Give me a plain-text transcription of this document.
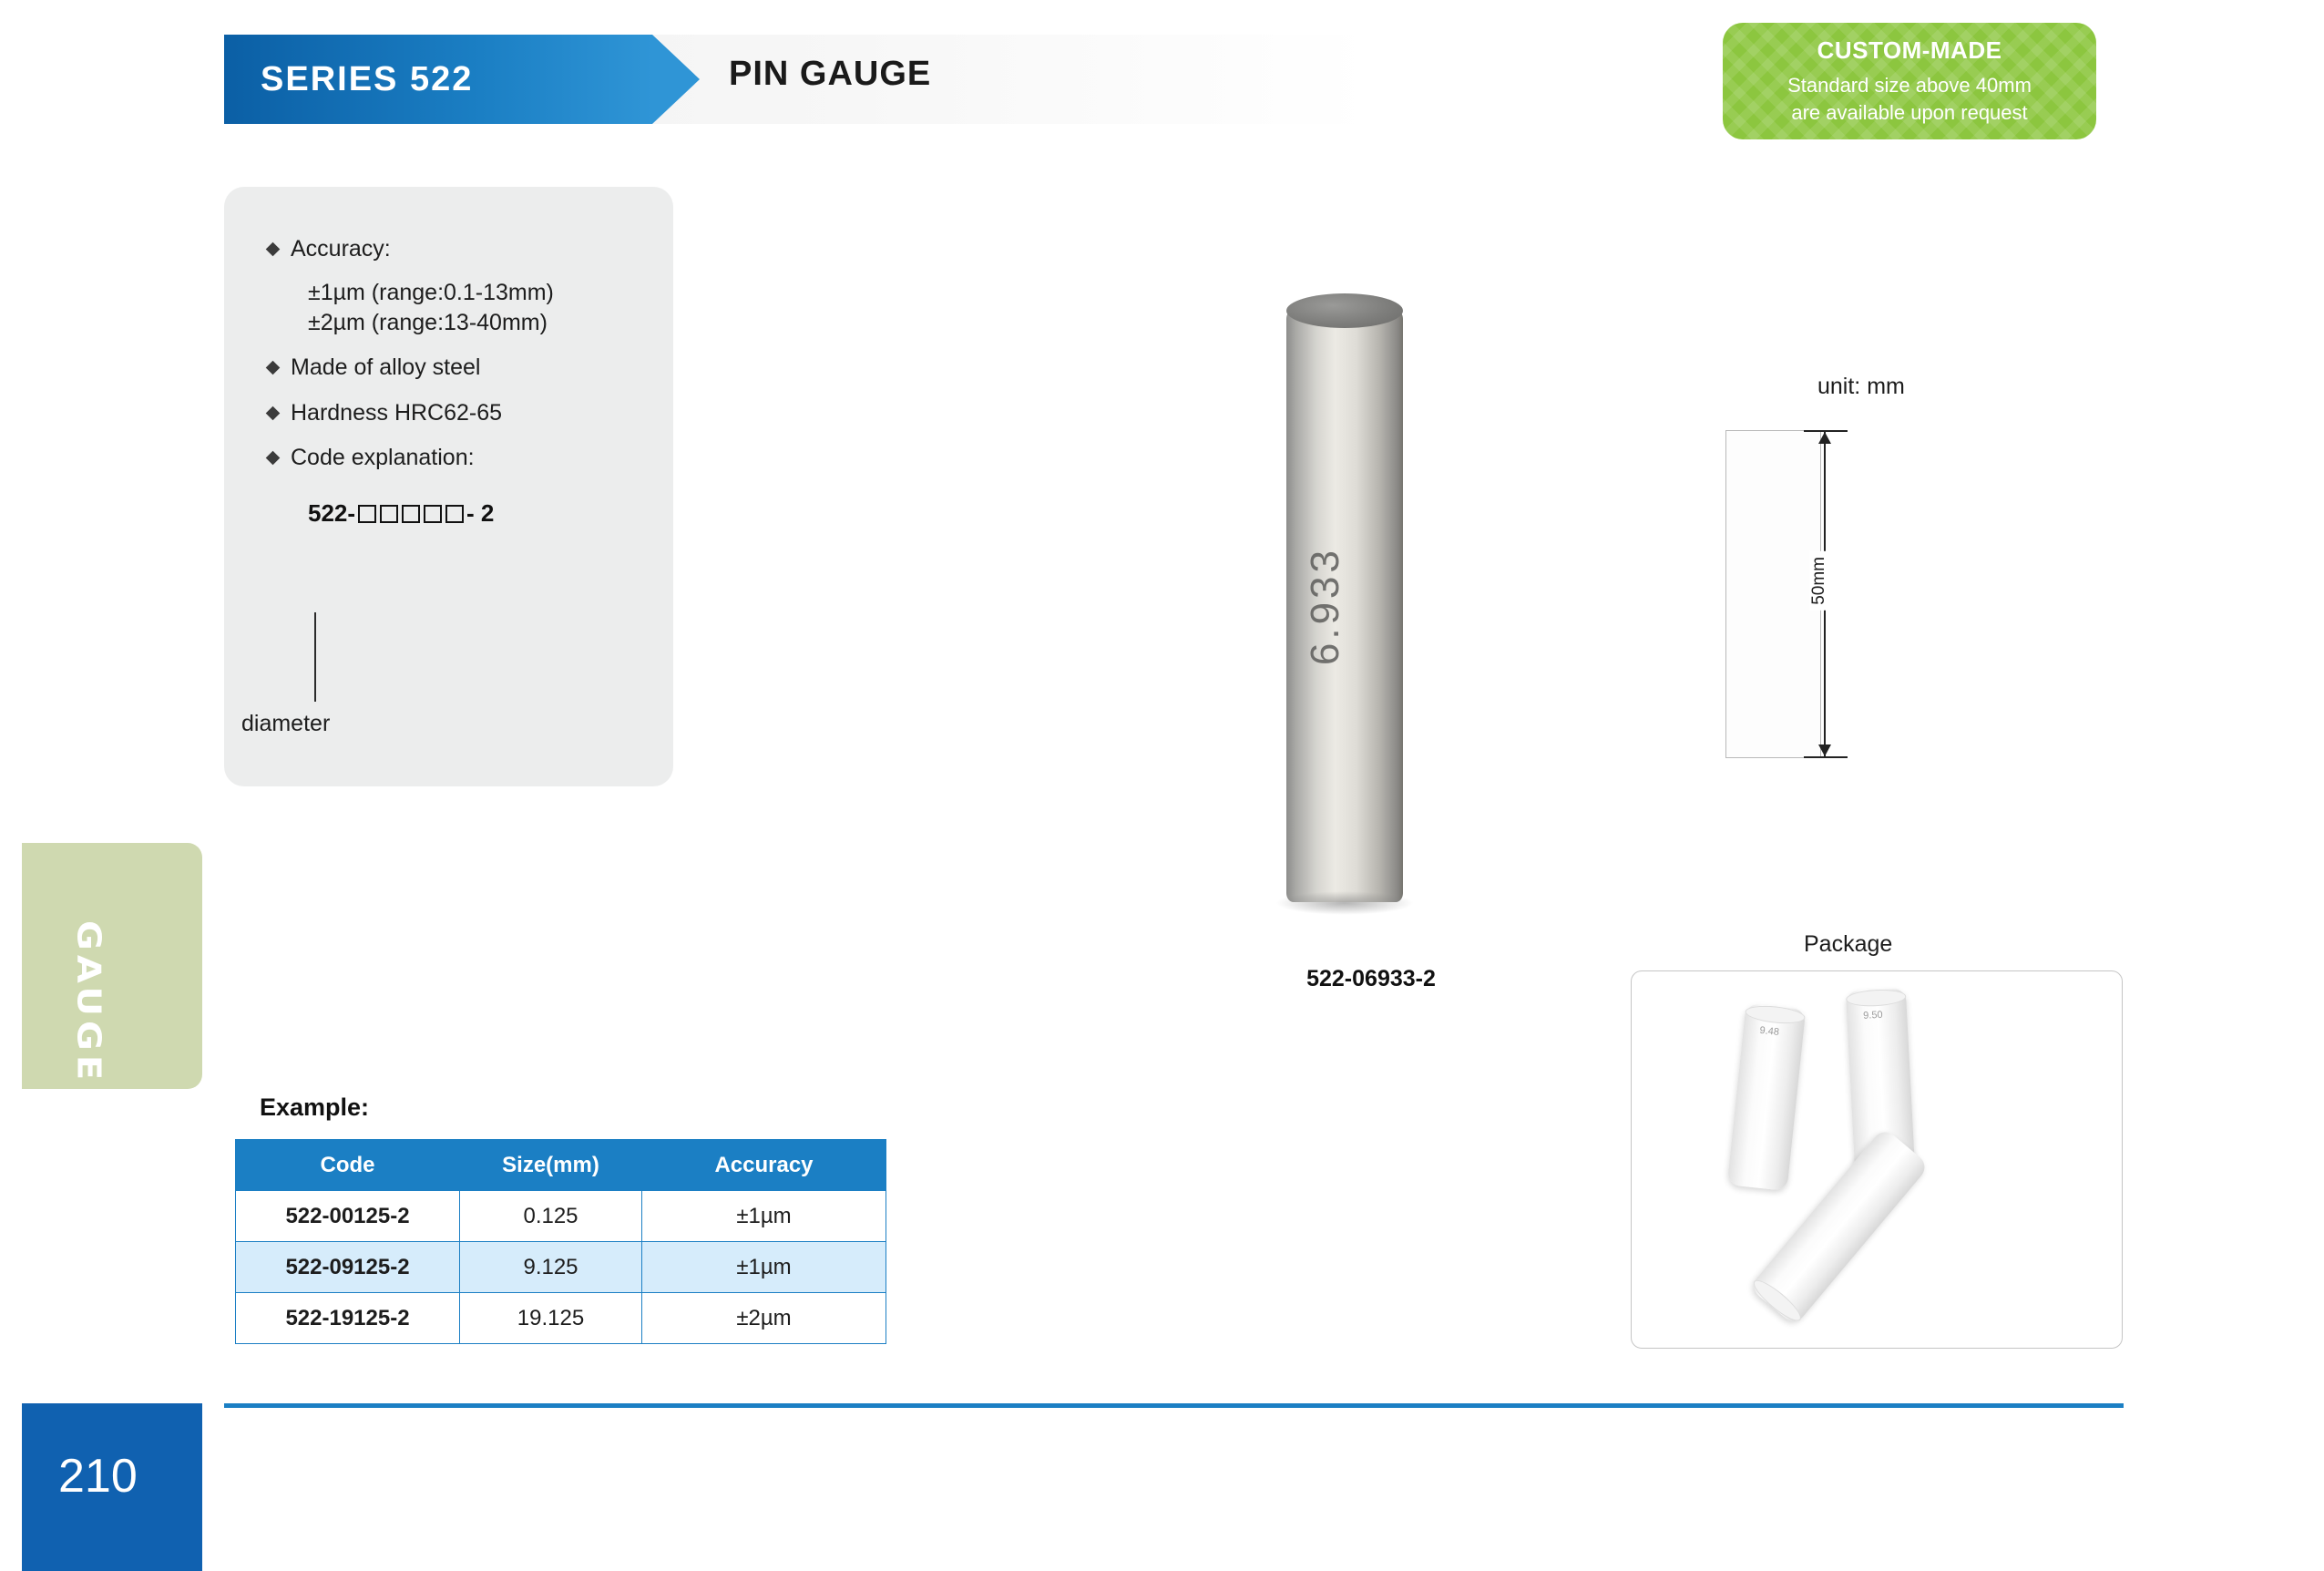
SERIES 522	PIN GAUGE
CUSTOM-MADE
Standard size above 40mm
are available upon request
Accuracy:
±1µm (range:0.1-13mm)
±2µm (range:13-40mm)
Made of alloy steel
Hardness HRC62-65
Code explanation:
522-	- 2
diameter
GAUGE
6.933
522-06933-2
unit: mm
50mm
Package
9.48
9.50
Example:
Code	Size(mm)	Accuracy
522-00125-2	0.125	±1µm
522-09125-2	9.125	±1µm
522-19125-2	19.125	±2µm
210
